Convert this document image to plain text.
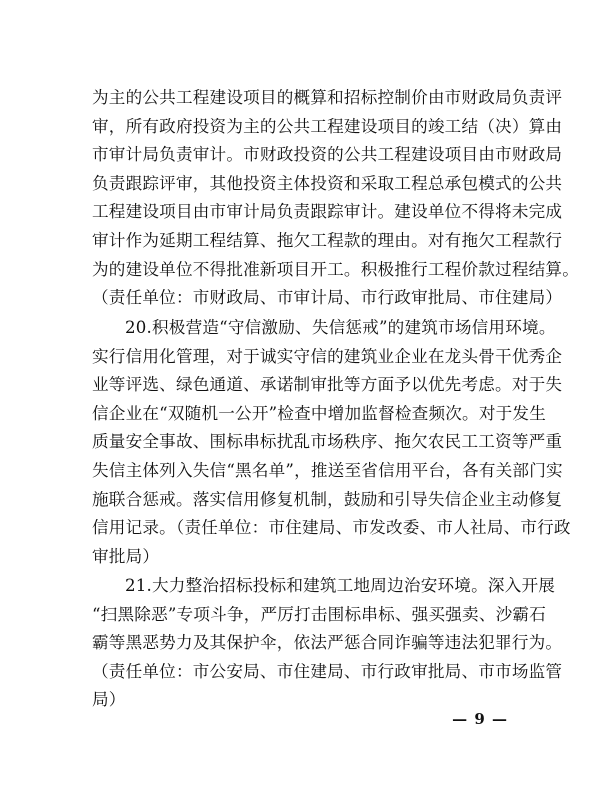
为主的公共工程建设项目的概算和招标控制价由市财政局负责评
审，所有政府投资为主的公共工程建设项目的竣工结（决）算由
市审计局负责审计。市财政投资的公共工程建设项目由市财政局
负责跟踪评审，其他投资主体投资和采取工程总承包模式的公共
工程建设项目由市审计局负责跟踪审计。建设单位不得将未完成
审计作为延期工程结算、拖欠工程款的理由。对有拖欠工程款行
为的建设单位不得批准新项目开工。积极推行工程价款过程结算。
（责任单位：市财政局、市审计局、市行政审批局、市住建局）
20.积极营造“守信激励、失信惩戒”的建筑市场信用环境。
实行信用化管理，对于诚实守信的建筑业企业在龙头骨干优秀企
业等评选、绿色通道、承诺制审批等方面予以优先考虑。对于失
信企业在“双随机一公开”检查中增加监督检查频次。对于发生
质量安全事故、围标串标扰乱市场秩序、拖欠农民工工资等严重
失信主体列入失信“黑名单”，推送至省信用平台，各有关部门实
施联合惩戒。落实信用修复机制，鼓励和引导失信企业主动修复
信用记录。（责任单位：市住建局、市发改委、市人社局、市行政
审批局）
21.大力整治招标投标和建筑工地周边治安环境。深入开展
“扫黑除恶”专项斗争，严厉打击围标串标、强买强卖、沙霸石
霸等黑恶势力及其保护伞，依法严惩合同诈骗等违法犯罪行为。
（责任单位：市公安局、市住建局、市行政审批局、市市场监管
局）
— 9 —
